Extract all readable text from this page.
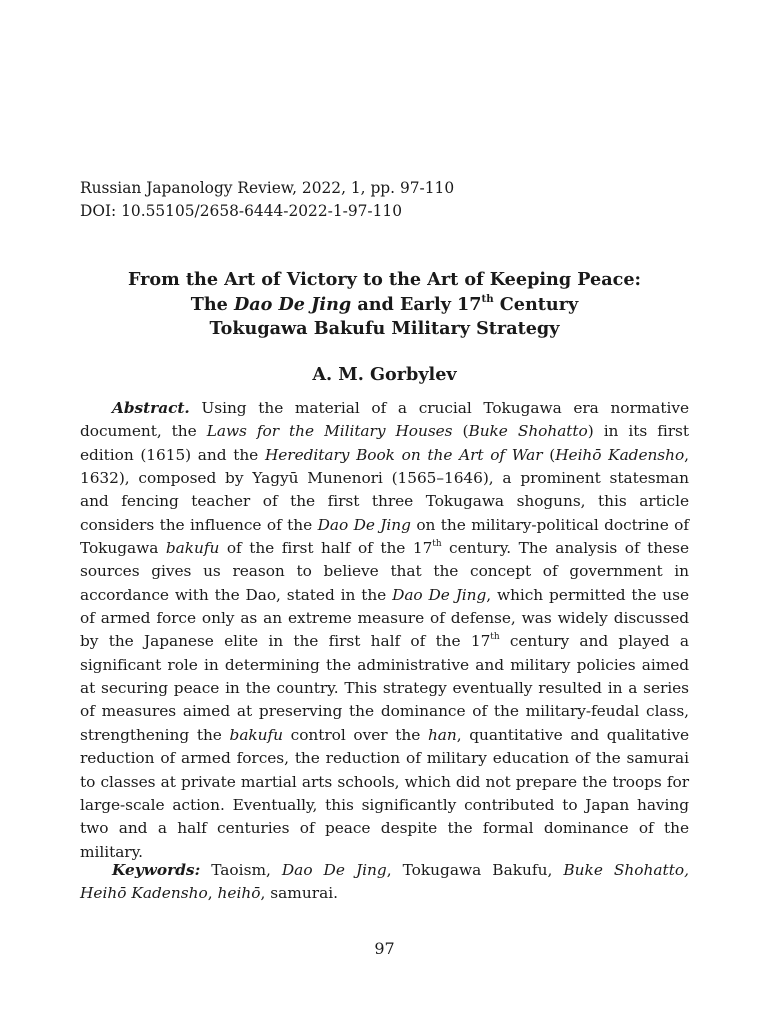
Russian Japanology Review, 2022, 1, pp. 97-110
DOI: 10.55105/2658-6444-2022-1-97-110
From the Art of Victory to the Art of Keeping Peace:
The Dao De Jing and Early 17th Century
Tokugawa Bakufu Military Strategy
A. M. Gorbylev

Abstract. Using the material of a crucial Tokugawa era normative document, the Laws for the Military Houses (Buke Shohatto) in its first edition (1615) and the Hereditary Book on the Art of War (Heihō Kadensho, 1632), composed by Yagyū Munenori (1565–1646), a prominent statesman and fencing teacher of the first three Tokugawa shoguns, this article considers the influence of the Dao De Jing on the military-political doctrine of Tokugawa bakufu of the first half of the 17th century. The analysis of these sources gives us reason to believe that the concept of government in accordance with the Dao, stated in the Dao De Jing, which permitted the use of armed force only as an extreme measure of defense, was widely discussed by the Japanese elite in the first half of the 17th century and played a significant role in determining the administrative and military policies aimed at securing peace in the country. This strategy eventually resulted in a series of measures aimed at preserving the dominance of the military-feudal class, strengthening the bakufu control over the han, quantitative and qualitative reduction of armed forces, the reduction of military education of the samurai to classes at private martial arts schools, which did not prepare the troops for large-scale action. Eventually, this significantly contributed to Japan having two and a half centuries of peace despite the formal dominance of the military.

Keywords: Taoism, Dao De Jing, Tokugawa Bakufu, Buke Shohatto, Heihō Kadensho, heihō, samurai.

97
